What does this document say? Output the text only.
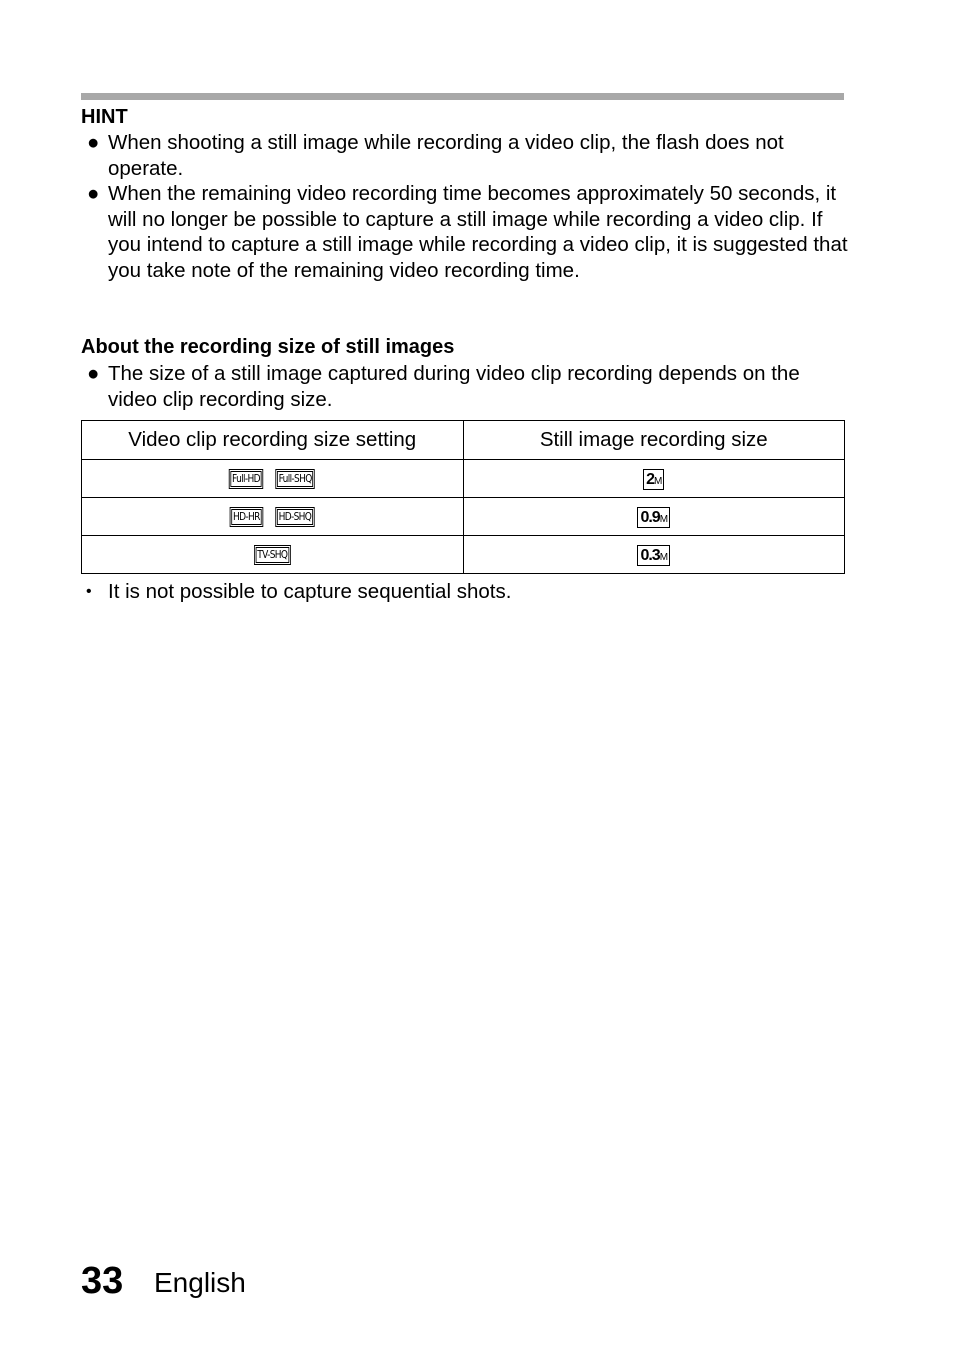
HINT
● When shooting a still image while recording a video clip, the flash does not operate.
● When the remaining video recording time becomes approximately 50 seconds, it will no longer be possible to capture a still image while recording a video clip. If you intend to capture a still image while recording a video clip, it is suggested that you take note of the remaining video recording time.
About the recording size of still images
● The size of a still image captured during video clip recording depends on the video clip recording size.
Video clip recording size setting	Still image recording size
Full-HD Full-SHQ	2M
HD-HR HD-SHQ	0.9M
TV-SHQ	0.3M
• It is not possible to capture sequential shots.
33 English
